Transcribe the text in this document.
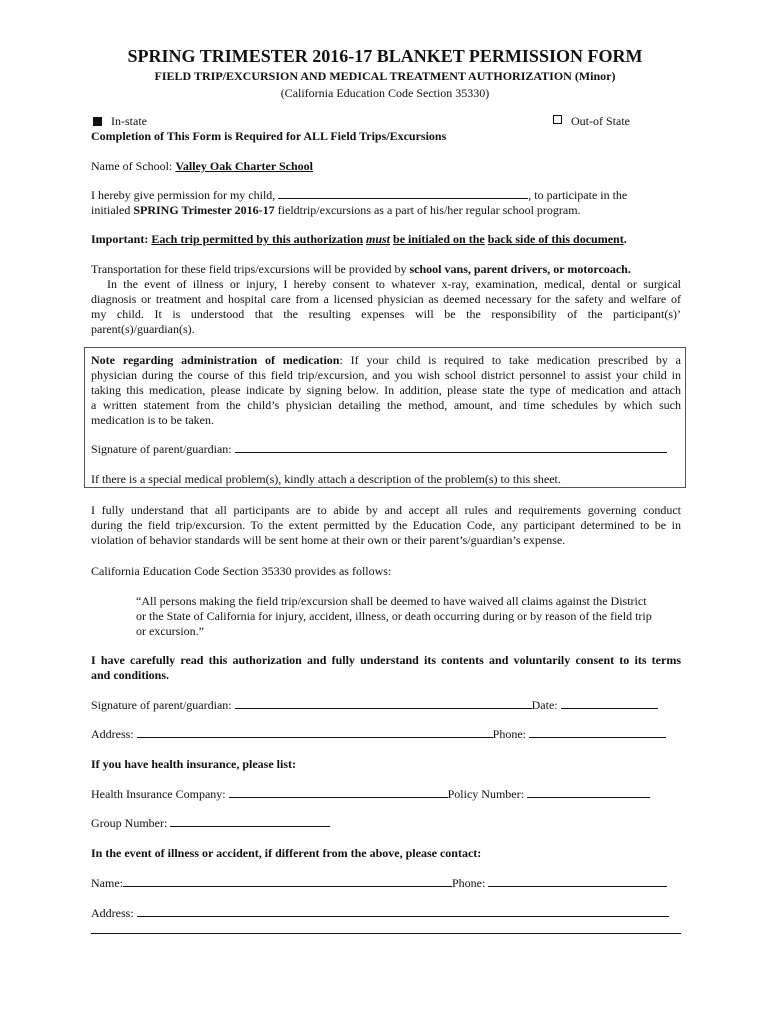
SPRING TRIMESTER 2016-17 BLANKET PERMISSION FORM
FIELD TRIP/EXCURSION AND MEDICAL TREATMENT AUTHORIZATION (Minor)
(California Education Code Section 35330)
In-state	Out-of State
Completion of This Form is Required for ALL Field Trips/Excursions
Name of School: Valley Oak Charter School
I hereby give permission for my child,	, to participate in the
initialed SPRING Trimester 2016-17 fieldtrip/excursions as a part of his/her regular school program.
Important: Each trip permitted by this authorization must be initialed on the back side of this document.
Transportation for these field trips/excursions will be provided by school vans, parent drivers, or motorcoach.
In the event of illness or injury, I hereby consent to whatever x-ray, examination, medical, dental or surgical
diagnosis or treatment and hospital care from a licensed physician as deemed necessary for the safety and welfare of
my child. It is understood that the resulting expenses will be the responsibility of the participant(s)’
parent(s)/guardian(s).
Note regarding administration of medication: If your child is required to take medication prescribed by a
physician during the course of this field trip/excursion, and you wish school district personnel to assist your child in
taking this medication, please indicate by signing below. In addition, please state the type of medication and attach
a written statement from the child’s physician detailing the method, amount, and time schedules by which such
medication is to be taken.
Signature of parent/guardian:
If there is a special medical problem(s), kindly attach a description of the problem(s) to this sheet.
I fully understand that all participants are to abide by and accept all rules and requirements governing conduct
during the field trip/excursion. To the extent permitted by the Education Code, any participant determined to be in
violation of behavior standards will be sent home at their own or their parent’s/guardian’s expense.
California Education Code Section 35330 provides as follows:
“All persons making the field trip/excursion shall be deemed to have waived all claims against the District
or the State of California for injury, accident, illness, or death occurring during or by reason of the field trip
or excursion.”
I have carefully read this authorization and fully understand its contents and voluntarily consent to its terms
and conditions.
Signature of parent/guardian:	Date:
Address:	Phone:
If you have health insurance, please list:
Health Insurance Company:	Policy Number:
Group Number:
In the event of illness or accident, if different from the above, please contact:
Name:	Phone:
Address:
